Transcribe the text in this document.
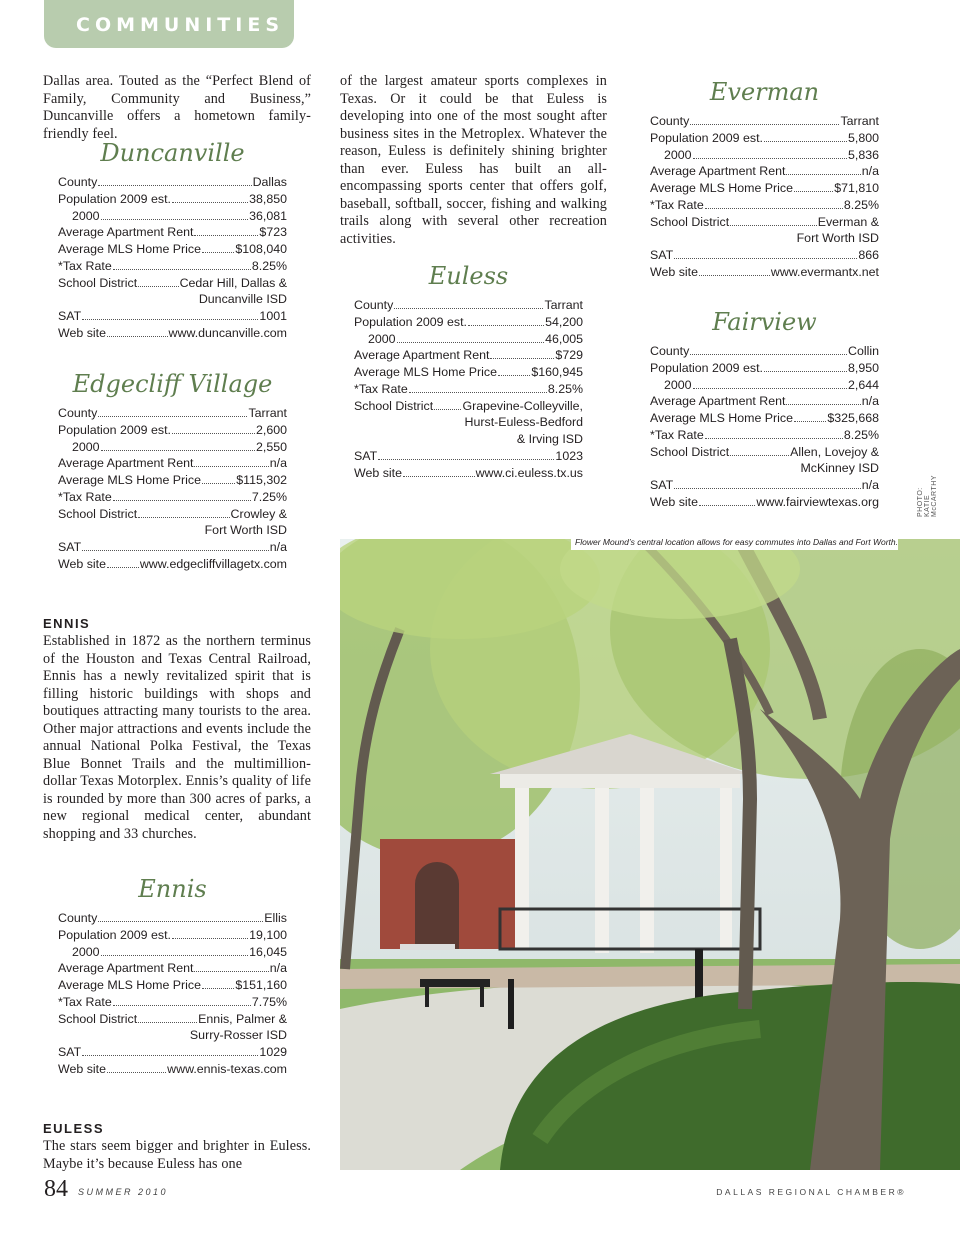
COMMUNITIES

Dallas area. Touted as the “Perfect Blend of Family, Community and Business,” Duncanville offers a hometown family-friendly feel.

Duncanville
County	Dallas
Population 2009 est.	38,850
2000	36,081
Average Apartment Rent	$723
Average MLS Home Price	$108,040
*Tax Rate	8.25%
School District	Cedar Hill, Dallas &
Duncanville ISD
SAT	1001
Web site	www.duncanville.com
Edgecliff Village
County	Tarrant
Population 2009 est.	2,600
2000	2,550
Average Apartment Rent	n/a
Average MLS Home Price	$115,302
*Tax Rate	7.25%
School District	Crowley &
Fort Worth ISD
SAT	n/a
Web site	www.edgecliffvillagetx.com
ENNIS

Established in 1872 as the northern terminus of the Houston and Texas Central Railroad, Ennis has a newly revitalized spirit that is filling historic buildings with shops and boutiques attracting many tourists to the area. Other major attractions and events include the annual National Polka Festival, the Texas Blue Bonnet Trails and the multimillion-dollar Texas Motorplex. Ennis’s quality of life is rounded by more than 300 acres of parks, a new regional medical center, abundant shopping and 33 churches.

Ennis
County	Ellis
Population 2009 est.	19,100
2000	16,045
Average Apartment Rent	n/a
Average MLS Home Price	$151,160
*Tax Rate	7.75%
School District	Ennis, Palmer &
Surry-Rosser ISD
SAT	1029
Web site	www.ennis-texas.com
EULESS

The stars seem bigger and brighter in Euless. Maybe it’s because Euless has one

of the largest amateur sports complexes in Texas. Or it could be that Euless is developing into one of the most sought after business sites in the Metroplex. Whatever the reason, Euless is definitely shining brighter than ever. Euless has built an all-encompassing sports center that offers golf, baseball, softball, soccer, fishing and walking trails along with several other recreation activities.

Euless
County	Tarrant
Population 2009 est.	54,200
2000	46,005
Average Apartment Rent	$729
Average MLS Home Price	$160,945
*Tax Rate	8.25%
School District Grapevine-Colleyville,
Hurst-Euless-Bedford
& Irving ISD
SAT	1023
Web site	www.ci.euless.tx.us
Everman
County	Tarrant
Population 2009 est.	5,800
2000	5,836
Average Apartment Rent	n/a
Average MLS Home Price	$71,810
*Tax Rate	8.25%
School District	Everman &
Fort Worth ISD
SAT	866
Web site	www.evermantx.net
Fairview
County	Collin
Population 2009 est.	8,950
2000	2,644
Average Apartment Rent	n/a
Average MLS Home Price	$325,668
*Tax Rate	8.25%
School District	Allen, Lovejoy &
McKinney ISD
SAT	n/a
Web site	www.fairviewtexas.org	PHOTO: KATIE McCARTHY
Flower Mound’s central location allows for easy commutes into Dallas and Fort Worth.
84 SUMMER 2010	DALLAS REGIONAL CHAMBER®
